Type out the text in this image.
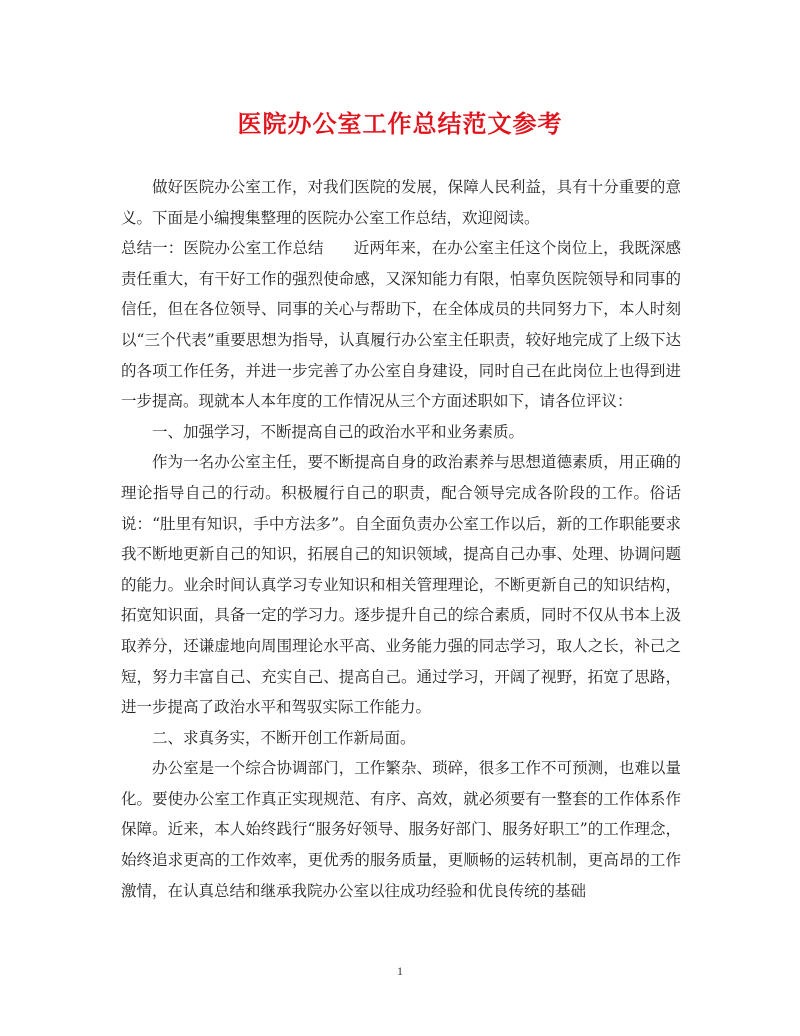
医院办公室工作总结范文参考

做好医院办公室工作，对我们医院的发展，保障人民利益，具有十分重要的意义。下面是小编搜集整理的医院办公室工作总结，欢迎阅读。

总结一：医院办公室工作总结 近两年来，在办公室主任这个岗位上，我既深感责任重大，有干好工作的强烈使命感，又深知能力有限，怕辜负医院领导和同事的信任，但在各位领导、同事的关心与帮助下，在全体成员的共同努力下，本人时刻以“三个代表”重要思想为指导，认真履行办公室主任职责，较好地完成了上级下达的各项工作任务，并进一步完善了办公室自身建设，同时自己在此岗位上也得到进一步提高。现就本人本年度的工作情况从三个方面述职如下，请各位评议：

一、加强学习，不断提高自己的政治水平和业务素质。

作为一名办公室主任，要不断提高自身的政治素养与思想道德素质，用正确的理论指导自己的行动。积极履行自己的职责，配合领导完成各阶段的工作。俗话说：“肚里有知识，手中方法多”。自全面负责办公室工作以后，新的工作职能要求我不断地更新自己的知识，拓展自己的知识领域，提高自己办事、处理、协调问题的能力。业余时间认真学习专业知识和相关管理理论，不断更新自己的知识结构，拓宽知识面，具备一定的学习力。逐步提升自己的综合素质，同时不仅从书本上汲取养分，还谦虚地向周围理论水平高、业务能力强的同志学习，取人之长，补己之短，努力丰富自己、充实自己、提高自己。通过学习，开阔了视野，拓宽了思路，进一步提高了政治水平和驾驭实际工作能力。

二、求真务实，不断开创工作新局面。

办公室是一个综合协调部门，工作繁杂、琐碎，很多工作不可预测，也难以量化。要使办公室工作真正实现规范、有序、高效，就必须要有一整套的工作体系作保障。近来，本人始终践行“服务好领导、服务好部门、服务好职工”的工作理念，始终追求更高的工作效率，更优秀的服务质量，更顺畅的运转机制，更高昂的工作激情，在认真总结和继承我院办公室以往成功经验和优良传统的基础

1
